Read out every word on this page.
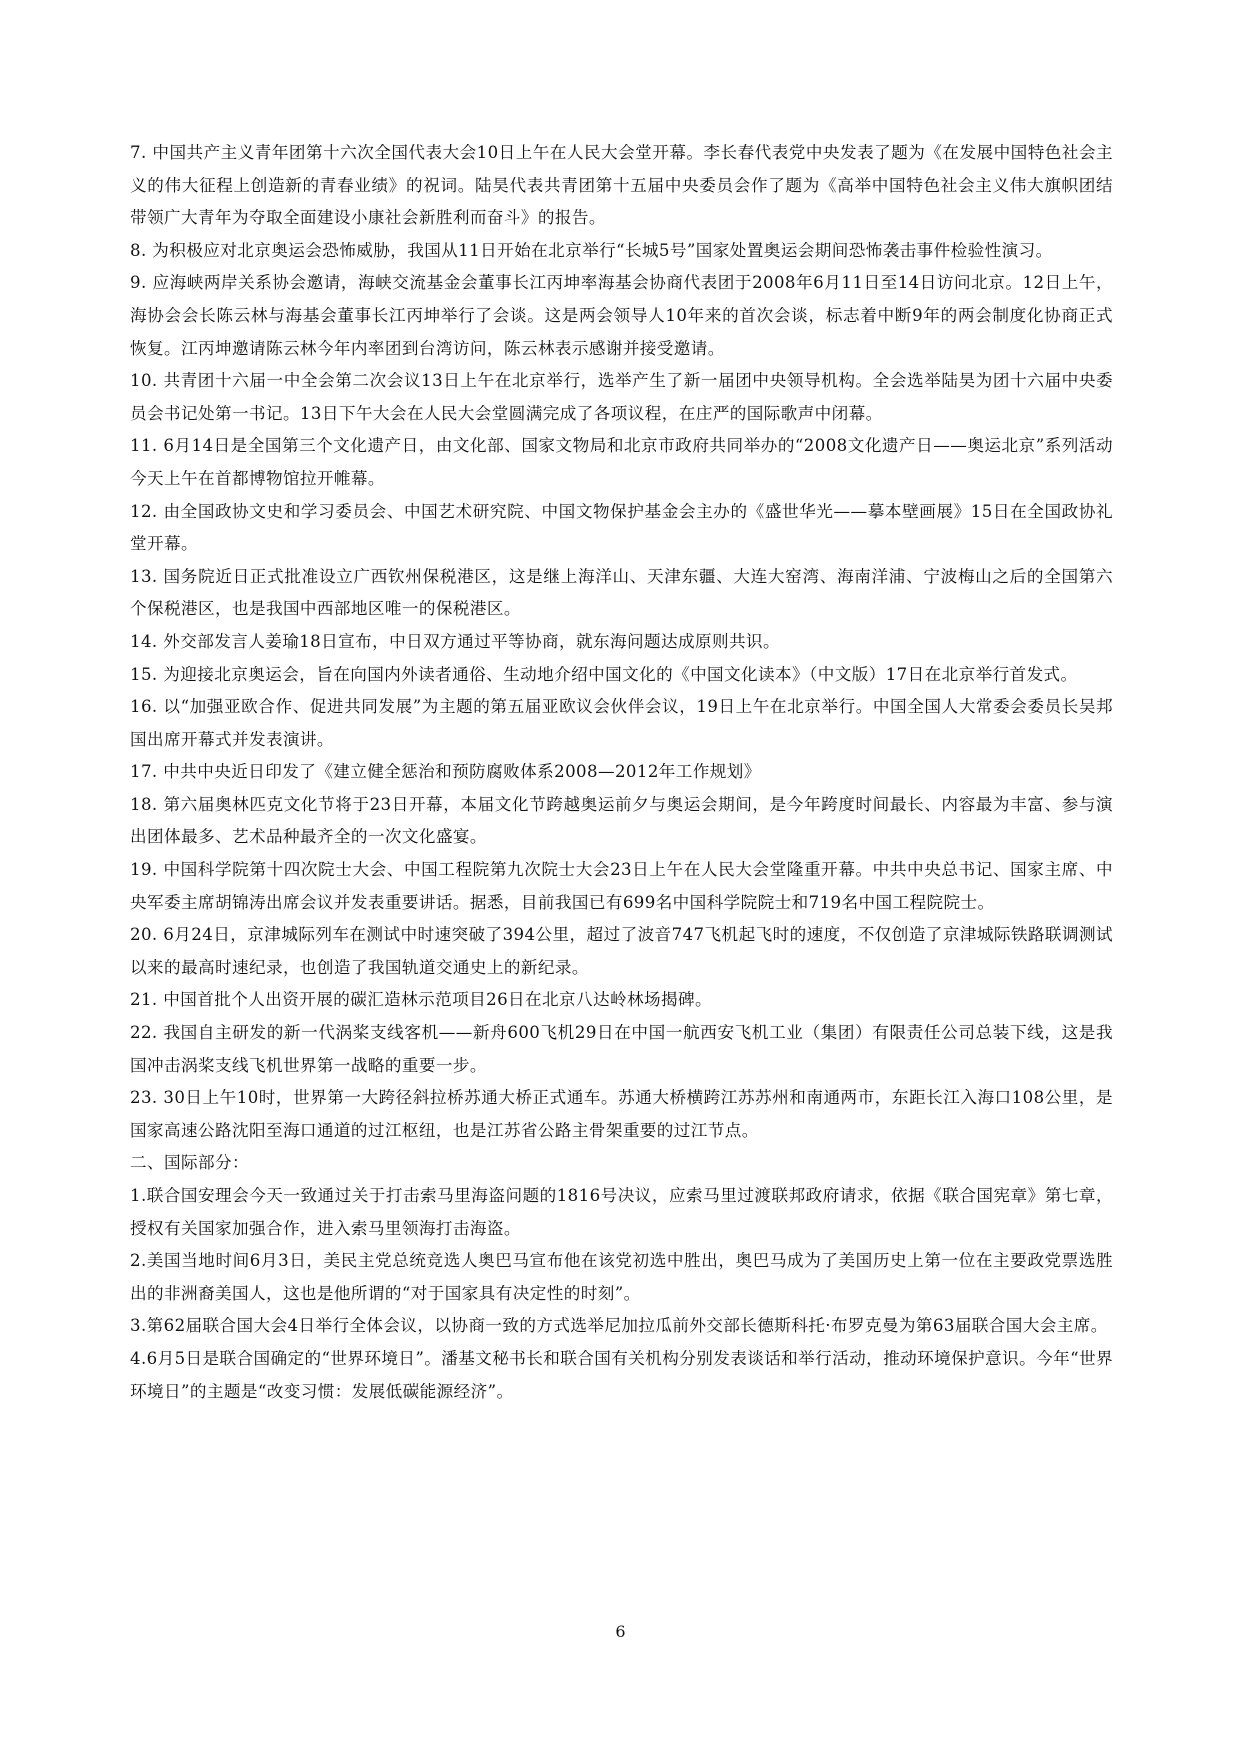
7. 中国共产主义青年团第十六次全国代表大会10日上午在人民大会堂开幕。李长春代表党中央发表了题为《在发展中国特色社会主义的伟大征程上创造新的青春业绩》的祝词。陆昊代表共青团第十五届中央委员会作了题为《高举中国特色社会主义伟大旗帜团结带领广大青年为夺取全面建设小康社会新胜利而奋斗》的报告。

8. 为积极应对北京奥运会恐怖威胁，我国从11日开始在北京举行“长城5号”国家处置奥运会期间恐怖袭击事件检验性演习。

9. 应海峡两岸关系协会邀请，海峡交流基金会董事长江丙坤率海基会协商代表团于2008年6月11日至14日访问北京。12日上午，海协会会长陈云林与海基会董事长江丙坤举行了会谈。这是两会领导人10年来的首次会谈，标志着中断9年的两会制度化协商正式恢复。江丙坤邀请陈云林今年内率团到台湾访问，陈云林表示感谢并接受邀请。

10. 共青团十六届一中全会第二次会议13日上午在北京举行，选举产生了新一届团中央领导机构。全会选举陆昊为团十六届中央委员会书记处第一书记。13日下午大会在人民大会堂圆满完成了各项议程，在庄严的国际歌声中闭幕。

11. 6月14日是全国第三个文化遗产日，由文化部、国家文物局和北京市政府共同举办的“2008文化遗产日——奥运北京”系列活动今天上午在首都博物馆拉开帷幕。

12. 由全国政协文史和学习委员会、中国艺术研究院、中国文物保护基金会主办的《盛世华光——摹本壁画展》15日在全国政协礼堂开幕。

13. 国务院近日正式批准设立广西钦州保税港区，这是继上海洋山、天津东疆、大连大窑湾、海南洋浦、宁波梅山之后的全国第六个保税港区，也是我国中西部地区唯一的保税港区。

14. 外交部发言人姜瑜18日宣布，中日双方通过平等协商，就东海问题达成原则共识。

15. 为迎接北京奥运会，旨在向国内外读者通俗、生动地介绍中国文化的《中国文化读本》（中文版）17日在北京举行首发式。

16. 以“加强亚欧合作、促进共同发展”为主题的第五届亚欧议会伙伴会议，19日上午在北京举行。中国全国人大常委会委员长吴邦国出席开幕式并发表演讲。

17. 中共中央近日印发了《建立健全惩治和预防腐败体系2008—2012年工作规划》

18. 第六届奥林匹克文化节将于23日开幕，本届文化节跨越奥运前夕与奥运会期间，是今年跨度时间最长、内容最为丰富、参与演出团体最多、艺术品种最齐全的一次文化盛宴。

19. 中国科学院第十四次院士大会、中国工程院第九次院士大会23日上午在人民大会堂隆重开幕。中共中央总书记、国家主席、中央军委主席胡锦涛出席会议并发表重要讲话。据悉，目前我国已有699名中国科学院院士和719名中国工程院院士。

20. 6月24日，京津城际列车在测试中时速突破了394公里，超过了波音747飞机起飞时的速度，不仅创造了京津城际铁路联调测试以来的最高时速纪录，也创造了我国轨道交通史上的新纪录。

21. 中国首批个人出资开展的碳汇造林示范项目26日在北京八达岭林场揭碑。

22. 我国自主研发的新一代涡桨支线客机——新舟600飞机29日在中国一航西安飞机工业（集团）有限责任公司总装下线，这是我国冲击涡桨支线飞机世界第一战略的重要一步。

23. 30日上午10时，世界第一大跨径斜拉桥苏通大桥正式通车。苏通大桥横跨江苏苏州和南通两市，东距长江入海口108公里，是国家高速公路沈阳至海口通道的过江枢纽，也是江苏省公路主骨架重要的过江节点。

二、国际部分：

1.联合国安理会今天一致通过关于打击索马里海盗问题的1816号决议，应索马里过渡联邦政府请求，依据《联合国宪章》第七章，授权有关国家加强合作，进入索马里领海打击海盗。

2.美国当地时间6月3日，美民主党总统竞选人奥巴马宣布他在该党初选中胜出，奥巴马成为了美国历史上第一位在主要政党票选胜出的非洲裔美国人，这也是他所谓的“对于国家具有决定性的时刻”。

3.第62届联合国大会4日举行全体会议，以协商一致的方式选举尼加拉瓜前外交部长德斯科托·布罗克曼为第63届联合国大会主席。

4.6月5日是联合国确定的“世界环境日”。潘基文秘书长和联合国有关机构分别发表谈话和举行活动，推动环境保护意识。今年“世界环境日”的主题是“改变习惯：发展低碳能源经济”。

6
